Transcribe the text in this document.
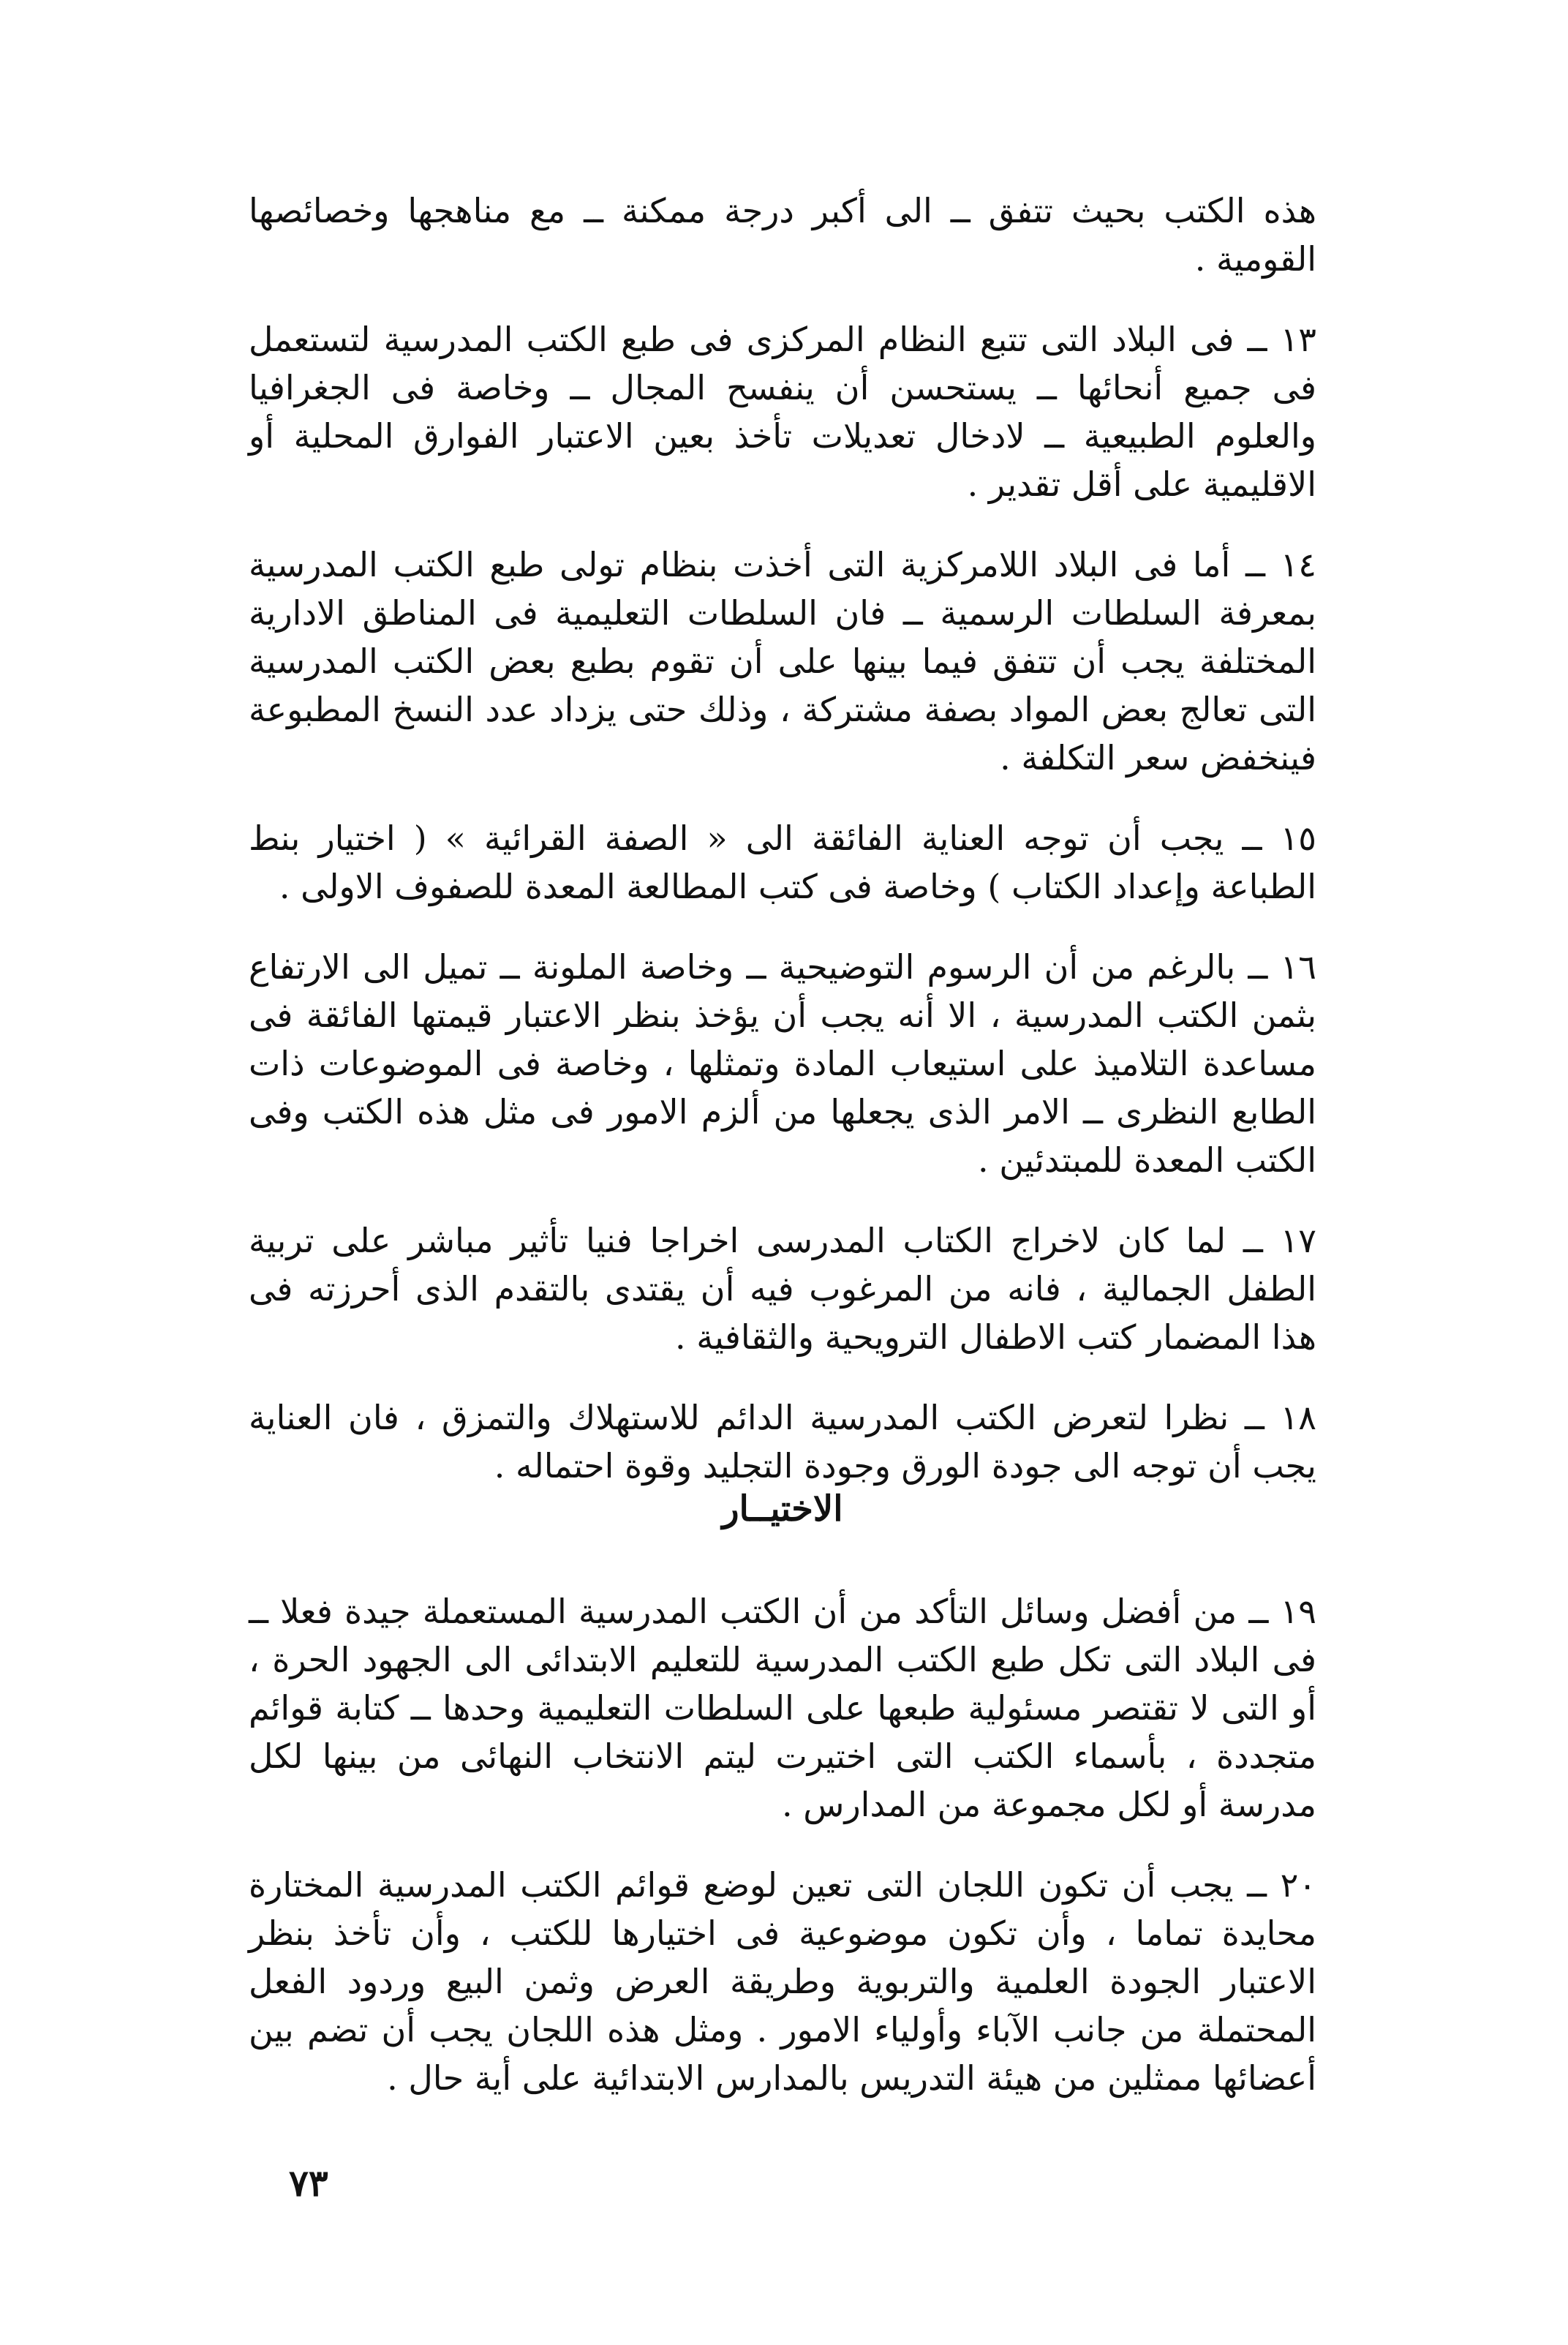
هذه الكتب بحيث تتفق ــ الى أكبر درجة ممكنة ــ مع مناهجها وخصائصها القومية .

١٣ ــ فى البلاد التى تتبع النظام المركزى فى طبع الكتب المدرسية لتستعمل فى جميع أنحائها ــ يستحسن أن ينفسح المجال ــ وخاصة فى الجغرافيا والعلوم الطبيعية ــ لادخال تعديلات تأخذ بعين الاعتبار الفوارق المحلية أو الاقليمية على أقل تقدير .

١٤ ــ أما فى البلاد اللامركزية التى أخذت بنظام تولى طبع الكتب المدرسية بمعرفة السلطات الرسمية ــ فان السلطات التعليمية فى المناطق الادارية المختلفة يجب أن تتفق فيما بينها على أن تقوم بطبع بعض الكتب المدرسية التى تعالج بعض المواد بصفة مشتركة ، وذلك حتى يزداد عدد النسخ المطبوعة فينخفض سعر التكلفة .

١٥ ــ يجب أن توجه العناية الفائقة الى « الصفة القرائية » ( اختيار بنط الطباعة وإعداد الكتاب ) وخاصة فى كتب المطالعة المعدة للصفوف الاولى .

١٦ ــ بالرغم من أن الرسوم التوضيحية ــ وخاصة الملونة ــ تميل الى الارتفاع بثمن الكتب المدرسية ، الا أنه يجب أن يؤخذ بنظر الاعتبار قيمتها الفائقة فى مساعدة التلاميذ على استيعاب المادة وتمثلها ، وخاصة فى الموضوعات ذات الطابع النظرى ــ الامر الذى يجعلها من ألزم الامور فى مثل هذه الكتب وفى الكتب المعدة للمبتدئين .

١٧ ــ لما كان لاخراج الكتاب المدرسى اخراجا فنيا تأثير مباشر على تربية الطفل الجمالية ، فانه من المرغوب فيه أن يقتدى بالتقدم الذى أحرزته فى هذا المضمار كتب الاطفال الترويحية والثقافية .

١٨ ــ نظرا لتعرض الكتب المدرسية الدائم للاستهلاك والتمزق ، فان العناية يجب أن توجه الى جودة الورق وجودة التجليد وقوة احتماله .

الاختيــار

١٩ ــ من أفضل وسائل التأكد من أن الكتب المدرسية المستعملة جيدة فعلا ــ فى البلاد التى تكل طبع الكتب المدرسية للتعليم الابتدائى الى الجهود الحرة ، أو التى لا تقتصر مسئولية طبعها على السلطات التعليمية وحدها ــ كتابة قوائم متجددة ، بأسماء الكتب التى اختيرت ليتم الانتخاب النهائى من بينها لكل مدرسة أو لكل مجموعة من المدارس .

٢٠ ــ يجب أن تكون اللجان التى تعين لوضع قوائم الكتب المدرسية المختارة محايدة تماما ، وأن تكون موضوعية فى اختيارها للكتب ، وأن تأخذ بنظر الاعتبار الجودة العلمية والتربوية وطريقة العرض وثمن البيع وردود الفعل المحتملة من جانب الآباء وأولياء الامور . ومثل هذه اللجان يجب أن تضم بين أعضائها ممثلين من هيئة التدريس بالمدارس الابتدائية على أية حال .

٧٣
